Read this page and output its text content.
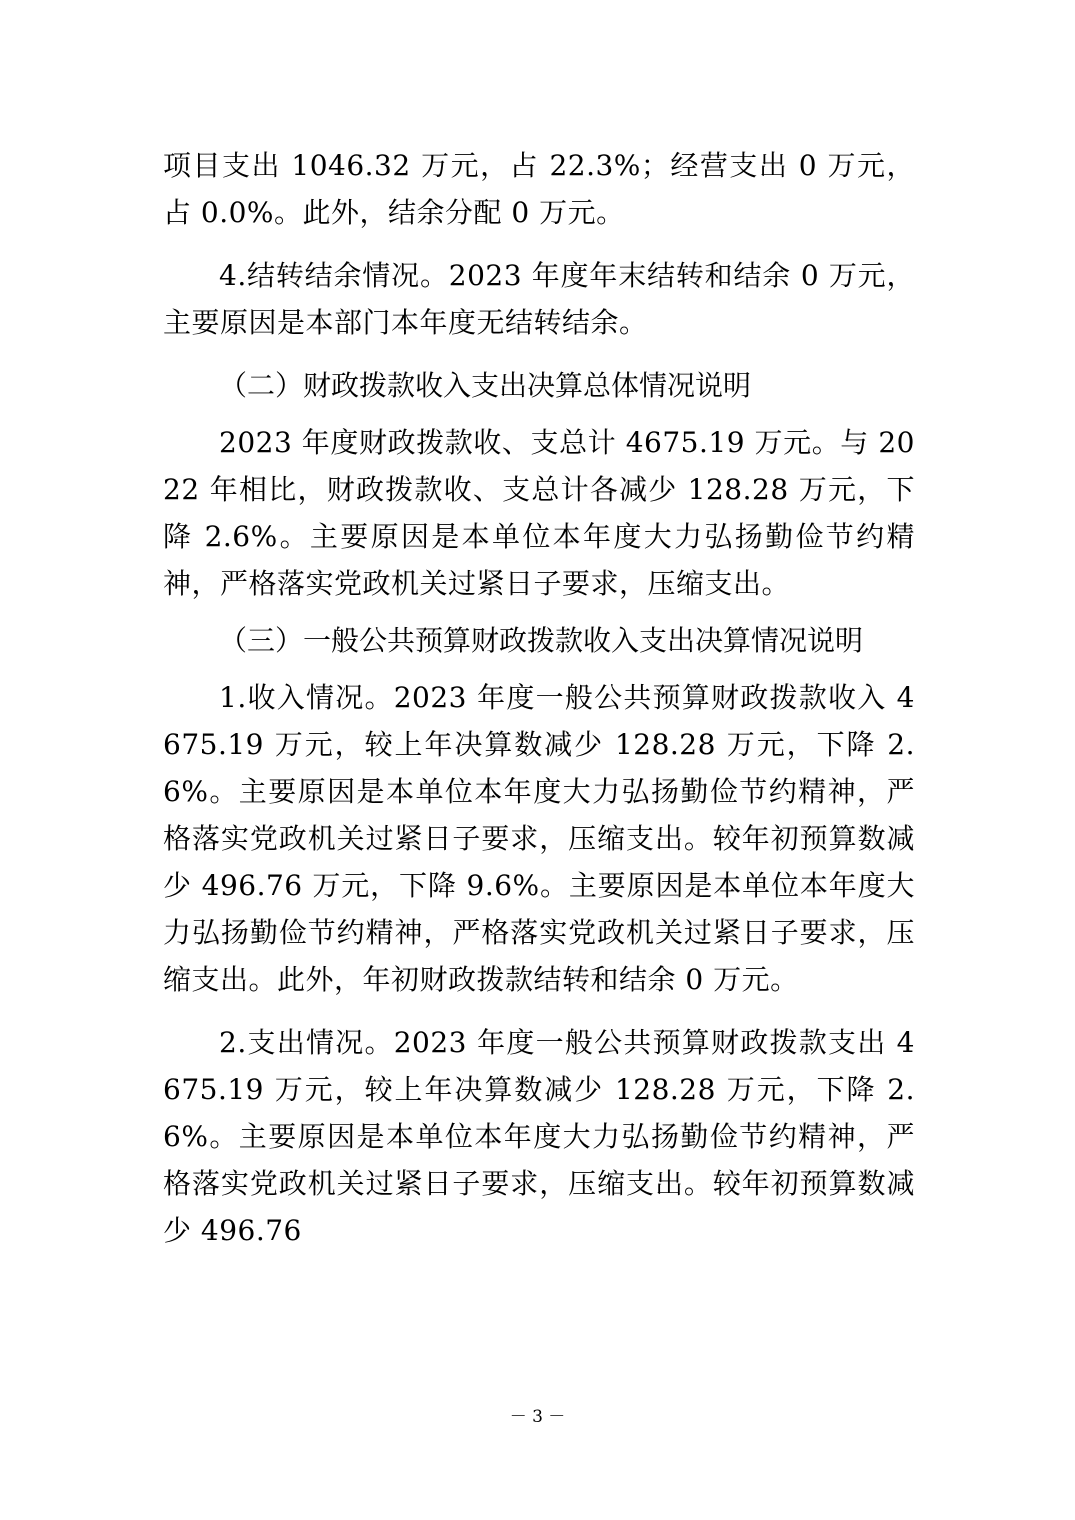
项目支出 1046.32 万元，占 22.3%；经营支出 0 万元，占 0.0%。此外，结余分配 0 万元。

4.结转结余情况。2023 年度年末结转和结余 0 万元，主要原因是本部门本年度无结转结余。

（二）财政拨款收入支出决算总体情况说明

2023 年度财政拨款收、支总计 4675.19 万元。与 2022 年相比，财政拨款收、支总计各减少 128.28 万元，下降 2.6%。主要原因是本单位本年度大力弘扬勤俭节约精神，严格落实党政机关过紧日子要求，压缩支出。

（三）一般公共预算财政拨款收入支出决算情况说明

1.收入情况。2023 年度一般公共预算财政拨款收入 4675.19 万元，较上年决算数减少 128.28 万元，下降 2.6%。主要原因是本单位本年度大力弘扬勤俭节约精神，严格落实党政机关过紧日子要求，压缩支出。较年初预算数减少 496.76 万元，下降 9.6%。主要原因是本单位本年度大力弘扬勤俭节约精神，严格落实党政机关过紧日子要求，压缩支出。此外，年初财政拨款结转和结余 0 万元。

2.支出情况。2023 年度一般公共预算财政拨款支出 4675.19 万元，较上年决算数减少 128.28 万元，下降 2.6%。主要原因是本单位本年度大力弘扬勤俭节约精神，严格落实党政机关过紧日子要求，压缩支出。较年初预算数减少 496.76

－ 3 －
